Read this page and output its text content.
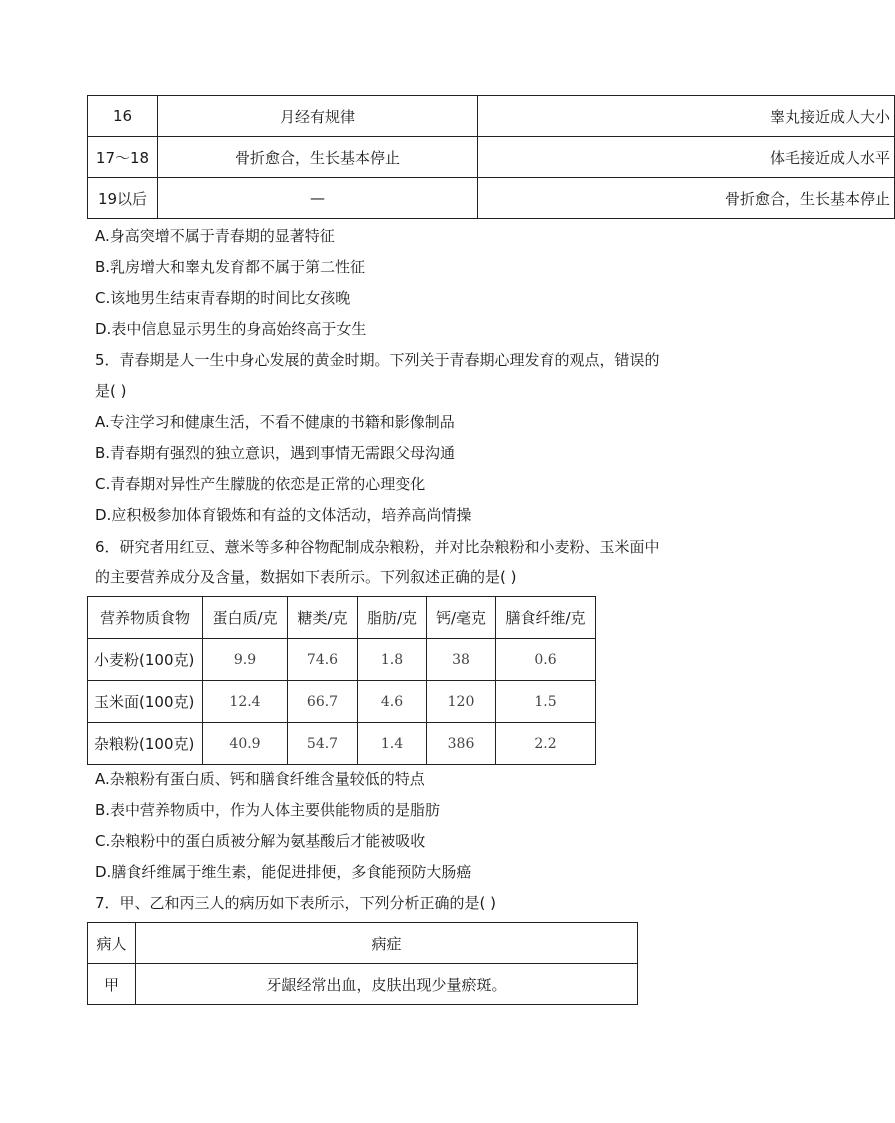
16	月经有规律	睾丸接近成人大小
17～18	骨折愈合，生长基本停止	体毛接近成人水平
19以后	—	骨折愈合，生长基本停止
A.身高突增不属于青春期的显著特征
B.乳房增大和睾丸发育都不属于第二性征
C.该地男生结束青春期的时间比女孩晚
D.表中信息显示男生的身高始终高于女生
5．青春期是人一生中身心发展的黄金时期。下列关于青春期心理发育的观点，错误的
是( )
A.专注学习和健康生活，不看不健康的书籍和影像制品
B.青春期有强烈的独立意识，遇到事情无需跟父母沟通
C.青春期对异性产生朦胧的依恋是正常的心理变化
D.应积极参加体育锻炼和有益的文体活动，培养高尚情操
6．研究者用红豆、薏米等多种谷物配制成杂粮粉，并对比杂粮粉和小麦粉、玉米面中
的主要营养成分及含量，数据如下表所示。下列叙述正确的是( )
营养物质食物	蛋白质/克	糖类/克	脂肪/克	钙/毫克	膳食纤维/克
小麦粉(100克)	9.9	74.6	1.8	38	0.6
玉米面(100克)	12.4	66.7	4.6	120	1.5
杂粮粉(100克)	40.9	54.7	1.4	386	2.2
A.杂粮粉有蛋白质、钙和膳食纤维含量较低的特点
B.表中营养物质中，作为人体主要供能物质的是脂肪
C.杂粮粉中的蛋白质被分解为氨基酸后才能被吸收
D.膳食纤维属于维生素，能促进排便，多食能预防大肠癌
7．甲、乙和丙三人的病历如下表所示，下列分析正确的是( )
病人	病症
甲	牙龈经常出血，皮肤出现少量瘀斑。
